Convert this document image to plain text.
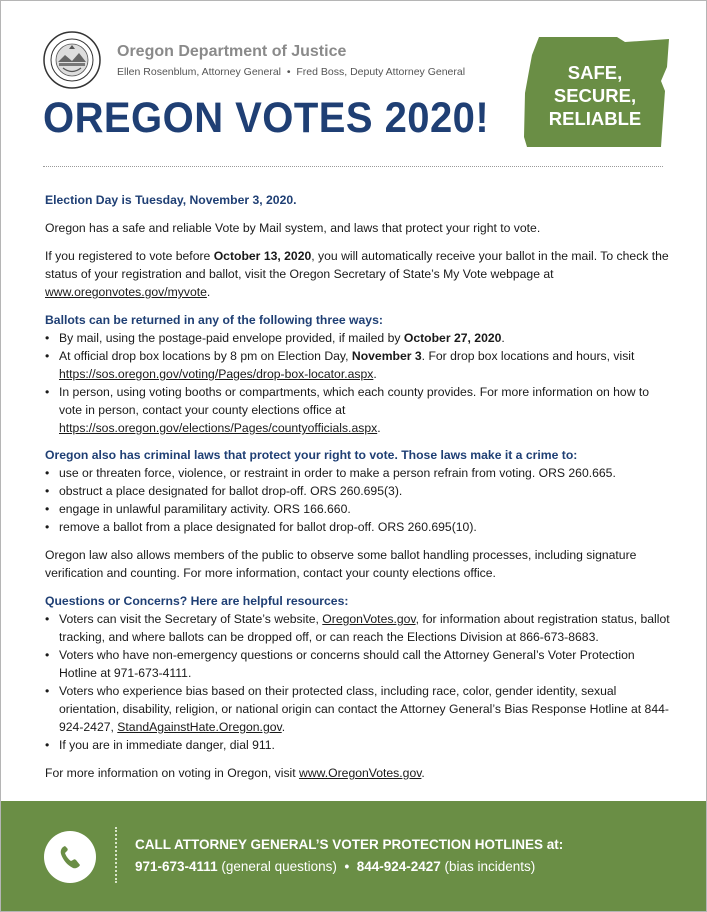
Oregon Department of Justice
Ellen Rosenblum, Attorney General • Fred Boss, Deputy Attorney General
OREGON VOTES 2020!
SAFE,
SECURE,
RELIABLE

Election Day is Tuesday, November 3, 2020.

Oregon has a safe and reliable Vote by Mail system, and laws that protect your right to vote.

If you registered to vote before October 13, 2020, you will automatically receive your ballot in the mail. To check the status of your registration and ballot, visit the Oregon Secretary of State’s My Vote webpage at www.oregonvotes.gov/myvote.

Ballots can be returned in any of the following three ways:

• By mail, using the postage-paid envelope provided, if mailed by October 27, 2020.
• At official drop box locations by 8 pm on Election Day, November 3. For drop box locations and hours, visit https://sos.oregon.gov/voting/Pages/drop-box-locator.aspx.
• In person, using voting booths or compartments, which each county provides. For more information on how to vote in person, contact your county elections office at https://sos.oregon.gov/elections/Pages/countyofficials.aspx.

Oregon also has criminal laws that protect your right to vote. Those laws make it a crime to:

• use or threaten force, violence, or restraint in order to make a person refrain from voting. ORS 260.665.
• obstruct a place designated for ballot drop-off. ORS 260.695(3).
• engage in unlawful paramilitary activity. ORS 166.660.
• remove a ballot from a place designated for ballot drop-off. ORS 260.695(10).

Oregon law also allows members of the public to observe some ballot handling processes, including signature verification and counting. For more information, contact your county elections office.

Questions or Concerns? Here are helpful resources:

• Voters can visit the Secretary of State’s website, OregonVotes.gov, for information about registration status, ballot tracking, and where ballots can be dropped off, or can reach the Elections Division at 866-673-8683.
• Voters who have non-emergency questions or concerns should call the Attorney General’s Voter Protection Hotline at 971-673-4111.
• Voters who experience bias based on their protected class, including race, color, gender identity, sexual orientation, disability, religion, or national origin can contact the Attorney General’s Bias Response Hotline at 844-924-2427, StandAgainstHate.Oregon.gov.
• If you are in immediate danger, dial 911.

For more information on voting in Oregon, visit www.OregonVotes.gov.

CALL ATTORNEY GENERAL’S VOTER PROTECTION HOTLINES at:
971-673-4111 (general questions) • 844-924-2427 (bias incidents)
